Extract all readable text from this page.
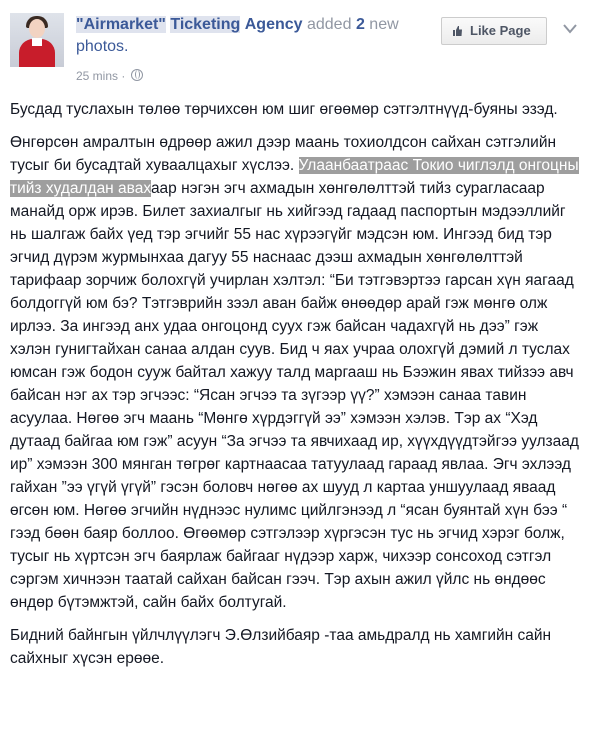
"Airmarket" Ticketing Agency added 2 new photos.
25 mins ·
Like Page

Бусдад туслахын төлөө төрчихсөн юм шиг өгөөмөр сэтгэлтнүүд-буяны эзэд.

Өнгөрсөн амралтын өдрөөр ажил дээр маань тохиолдсон сайхан сэтгэлийн тусыг би бусадтай хуваалцахыг хүслээ. Улаанбаатраас Токио чиглэлд онгоцны тийз худалдан авахаар нэгэн эгч ахмадын хөнгөлөлттэй тийз сурагласаар манайд орж ирэв. Билет захиалгыг нь хийгээд гадаад паспортын мэдээллийг нь шалгаж байх үед тэр эгчийг 55 нас хүрээгүйг мэдсэн юм. Ингээд бид тэр эгчид дүрэм журмынхаа дагуу 55 наснаас дээш ахмадын хөнгөлөлттэй тарифаар зорчиж болохгүй учирлан хэлтэл: “Би тэтгэвэртээ гарсан хүн яагаад болдоггүй юм бэ? Тэтгэврийн зээл аван байж өнөөдөр арай гэж мөнгө олж ирлээ. За ингээд анх удаа онгоцонд суух гэж байсан чадахгүй нь дээ” гэж хэлэн гунигтайхан санаа алдан суув. Бид ч яах учраа олохгүй дэмий л туслах юмсан гэж бодон сууж байтал хажуу талд маргааш нь Бээжин явах тийзээ авч байсан нэг ах тэр эгчээс: “Ясан эгчээ та зүгээр үү?” хэмээн санаа тавин асуулаа. Нөгөө эгч маань “Мөнгө хүрдэггүй ээ” хэмээн хэлэв. Тэр ах “Хэд дутаад байгаа юм гэж” асуун “За эгчээ та явчихаад ир, хүүхдүүдтэйгээ уулзаад ир” хэмээн 300 мянган төгрөг картнаасаа татуулаад гараад явлаа. Эгч эхлээд гайхан ”ээ үгүй үгүй” гэсэн боловч нөгөө ах шууд л картаа уншуулаад яваад өгсөн юм. Нөгөө эгчийн нүднээс нулимс цийлгэнээд л “ясан буянтай хүн бээ “ гээд бөөн баяр боллоо. Өгөөмөр сэтгэлээр хүргэсэн тус нь эгчид хэрэг болж, тусыг нь хүртсэн эгч баярлаж байгааг нүдээр харж, чихээр сонсоход сэтгэл сэргэм хичнээн таатай сайхан байсан гээч. Тэр ахын ажил үйлс нь өндөөс өндөр бүтэмжтэй, сайн байх болтугай.

Бидний байнгын үйлчлүүлэгч Э.Өлзийбаяр -таа амьдралд нь хамгийн сайн сайхныг хүсэн ерөөе.
